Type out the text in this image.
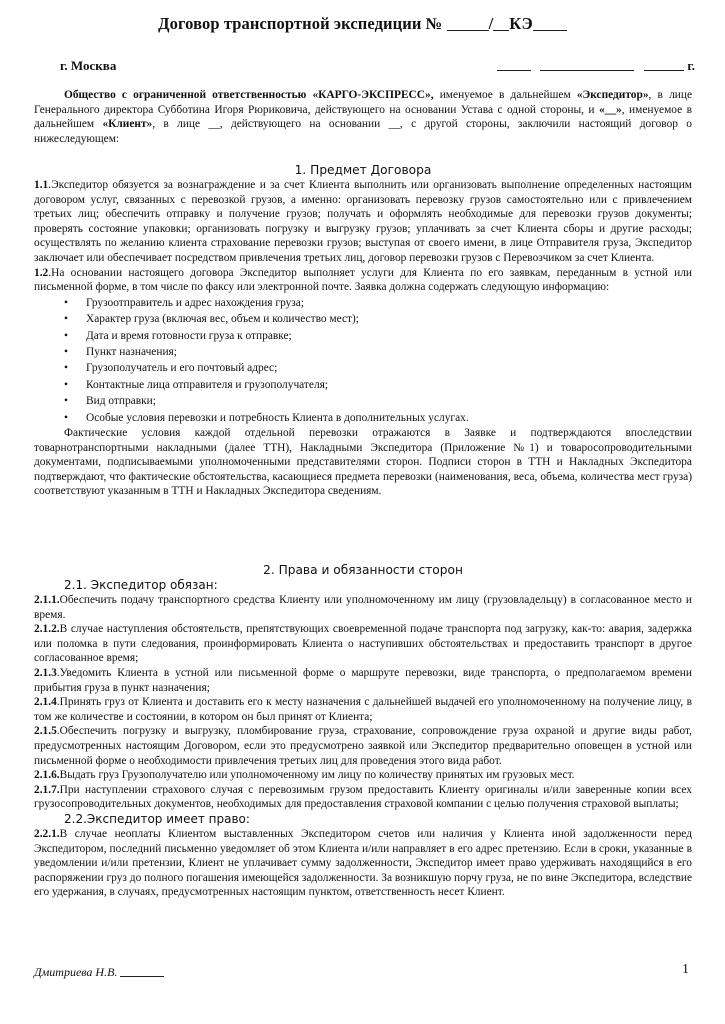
Договор транспортной экспедиции №	/ КЭ
г. Москва	г.

Общество с ограниченной ответственностью «КАРГО-ЭКСПРЕСС», именуемое в дальнейшем «Экспедитор», в лице Генерального директора Субботина Игоря Рюриковича, действующего на основании Устава с одной стороны, и «__», именуемое в дальнейшем «Клиент», в лице __, действующего на основании __, с другой стороны, заключили настоящий договор о нижеследующем:

1. Предмет Договора

1.1.Экспедитор обязуется за вознаграждение и за счет Клиента выполнить или организовать выполнение определенных настоящим договором услуг, связанных с перевозкой грузов, а именно: организовать перевозку грузов самостоятельно или с привлечением третьих лиц; обеспечить отправку и получение грузов; получать и оформлять необходимые для перевозки грузов документы; проверять состояние упаковки; организовать погрузку и выгрузку грузов; уплачивать за счет Клиента сборы и другие расходы; осуществлять по желанию клиента страхование перевозки грузов; выступая от своего имени, в лице Отправителя груза, Экспедитор заключает или обеспечивает посредством привлечения третьих лиц, договор перевозки грузов с Перевозчиком за счет Клиента.

1.2.На основании настоящего договора Экспедитор выполняет услуги для Клиента по его заявкам, переданным в устной или письменной форме, в том числе по факсу или электронной почте. Заявка должна содержать следующую информацию:

• Грузоотправитель и адрес нахождения груза;
• Характер груза (включая вес, объем и количество мест);
• Дата и время готовности груза к отправке;
• Пункт назначения;
• Грузополучатель и его почтовый адрес;
• Контактные лица отправителя и грузополучателя;
• Вид отправки;
• Особые условия перевозки и потребность Клиента в дополнительных услугах.

Фактические условия каждой отдельной перевозки отражаются в Заявке и подтверждаются впоследствии товарнотранспортными накладными (далее ТТН), Накладными Экспедитора (Приложение №1) и товаросопроводительными документами, подписываемыми уполномоченными представителями сторон. Подписи сторон в ТТН и Накладных Экспедитора подтверждают, что фактические обстоятельства, касающиеся предмета перевозки (наименования, веса, объема, количества мест груза) соответствуют указанным в ТТН и Накладных Экспедитора сведениям.

2. Права и обязанности сторон

2.1. Экспедитор обязан:

2.1.1.Обеспечить подачу транспортного средства Клиенту или уполномоченному им лицу (грузовладельцу) в согласованное место и время.

2.1.2.В случае наступления обстоятельств, препятствующих своевременной подаче транспорта под загрузку, как-то: авария, задержка или поломка в пути следования, проинформировать Клиента о наступивших обстоятельствах и предоставить транспорт в другое согласованное время;

2.1.3.Уведомить Клиента в устной или письменной форме о маршруте перевозки, виде транспорта, о предполагаемом времени прибытия груза в пункт назначения;

2.1.4.Принять груз от Клиента и доставить его к месту назначения с дальнейшей выдачей его уполномоченному на получение лицу, в том же количестве и состоянии, в котором он был принят от Клиента;

2.1.5.Обеспечить погрузку и выгрузку, пломбирование груза, страхование, сопровождение груза охраной и другие виды работ, предусмотренных настоящим Договором, если это предусмотрено заявкой или Экспедитор предварительно оповещен в устной или письменной форме о необходимости привлечения третьих лиц для проведения этого вида работ.

2.1.6.Выдать груз Грузополучателю или уполномоченному им лицу по количеству принятых им грузовых мест.

2.1.7.При наступлении страхового случая с перевозимым грузом предоставить Клиенту оригиналы и/или заверенные копии всех грузосопроводительных документов, необходимых для предоставления страховой компании с целью получения страховой выплаты;

2.2.Экспедитор имеет право:

2.2.1.В случае неоплаты Клиентом выставленных Экспедитором счетов или наличия у Клиента иной задолженности перед Экспедитором, последний письменно уведомляет об этом Клиента и/или направляет в его адрес претензию. Если в сроки, указанные в уведомлении и/или претензии, Клиент не уплачивает сумму задолженности, Экспедитор имеет право удерживать находящийся в его распоряжении груз до полного погашения имеющейся задолженности. За возникшую порчу груза, не по вине Экспедитора, вследствие его удержания, в случаях, предусмотренных настоящим пунктом, ответственность несет Клиент.

Дмитриева Н.В.	1
